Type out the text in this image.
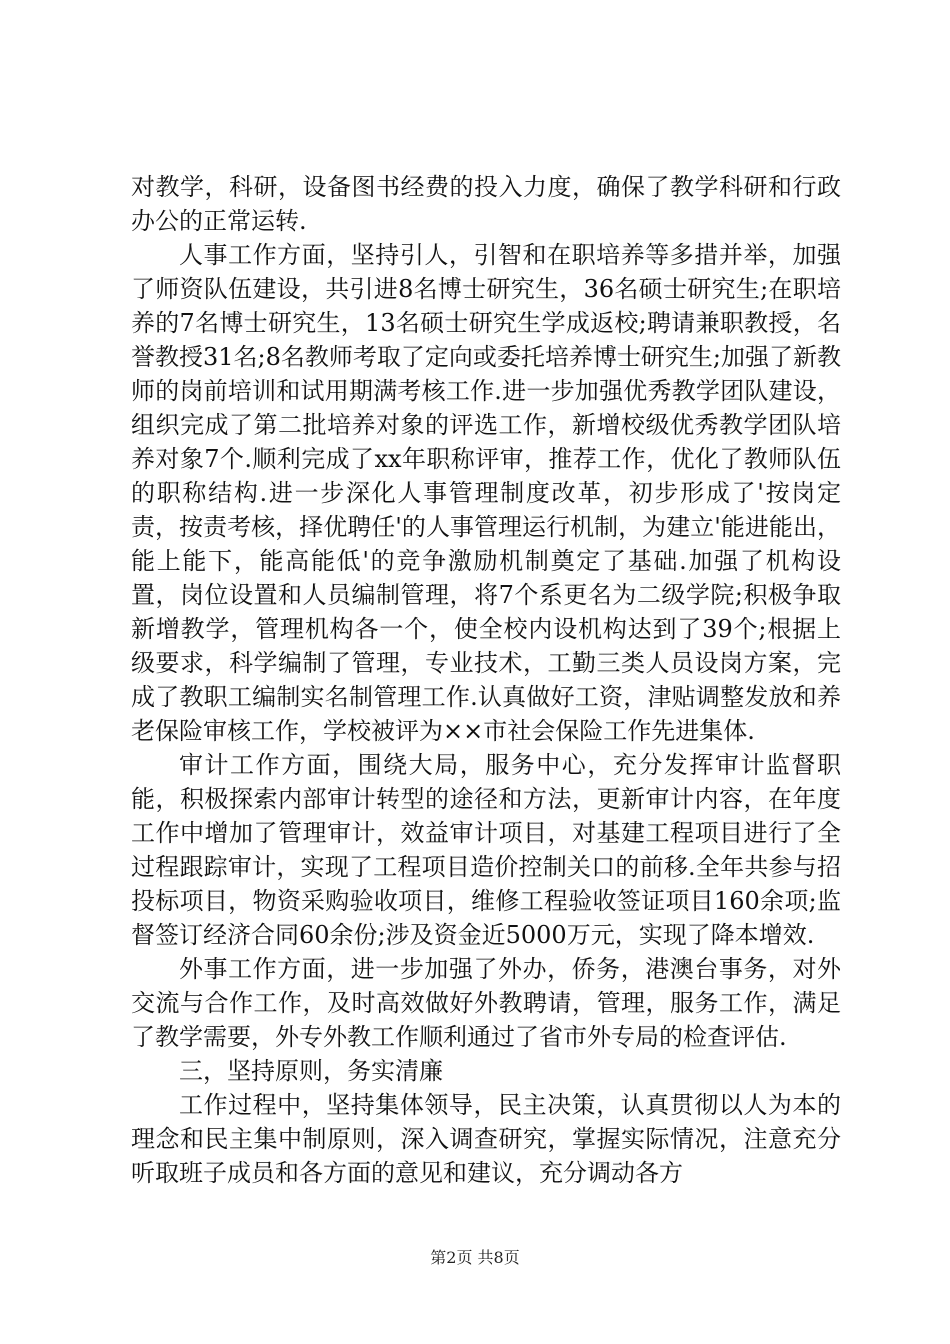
对教学，科研，设备图书经费的投入力度，确保了教学科研和行政办公的正常运转.

人事工作方面，坚持引人，引智和在职培养等多措并举，加强了师资队伍建设，共引进8名博士研究生，36名硕士研究生;在职培养的7名博士研究生，13名硕士研究生学成返校;聘请兼职教授，名誉教授31名;8名教师考取了定向或委托培养博士研究生;加强了新教师的岗前培训和试用期满考核工作.进一步加强优秀教学团队建设，组织完成了第二批培养对象的评选工作，新增校级优秀教学团队培养对象7个.顺利完成了xx年职称评审，推荐工作，优化了教师队伍的职称结构.进一步深化人事管理制度改革，初步形成了'按岗定责，按责考核，择优聘任'的人事管理运行机制，为建立'能进能出，能上能下，能高能低'的竞争激励机制奠定了基础.加强了机构设置，岗位设置和人员编制管理，将7个系更名为二级学院;积极争取新增教学，管理机构各一个，使全校内设机构达到了39个;根据上级要求，科学编制了管理，专业技术，工勤三类人员设岗方案，完成了教职工编制实名制管理工作.认真做好工资，津贴调整发放和养老保险审核工作，学校被评为××市社会保险工作先进集体.

审计工作方面，围绕大局，服务中心，充分发挥审计监督职能，积极探索内部审计转型的途径和方法，更新审计内容，在年度工作中增加了管理审计，效益审计项目，对基建工程项目进行了全过程跟踪审计，实现了工程项目造价控制关口的前移.全年共参与招投标项目，物资采购验收项目，维修工程验收签证项目160余项;监督签订经济合同60余份;涉及资金近5000万元，实现了降本增效.

外事工作方面，进一步加强了外办，侨务，港澳台事务，对外交流与合作工作，及时高效做好外教聘请，管理，服务工作，满足了教学需要，外专外教工作顺利通过了省市外专局的检查评估.

三，坚持原则，务实清廉

工作过程中，坚持集体领导，民主决策，认真贯彻以人为本的理念和民主集中制原则，深入调查研究，掌握实际情况，注意充分听取班子成员和各方面的意见和建议，充分调动各方

第2页 共8页
